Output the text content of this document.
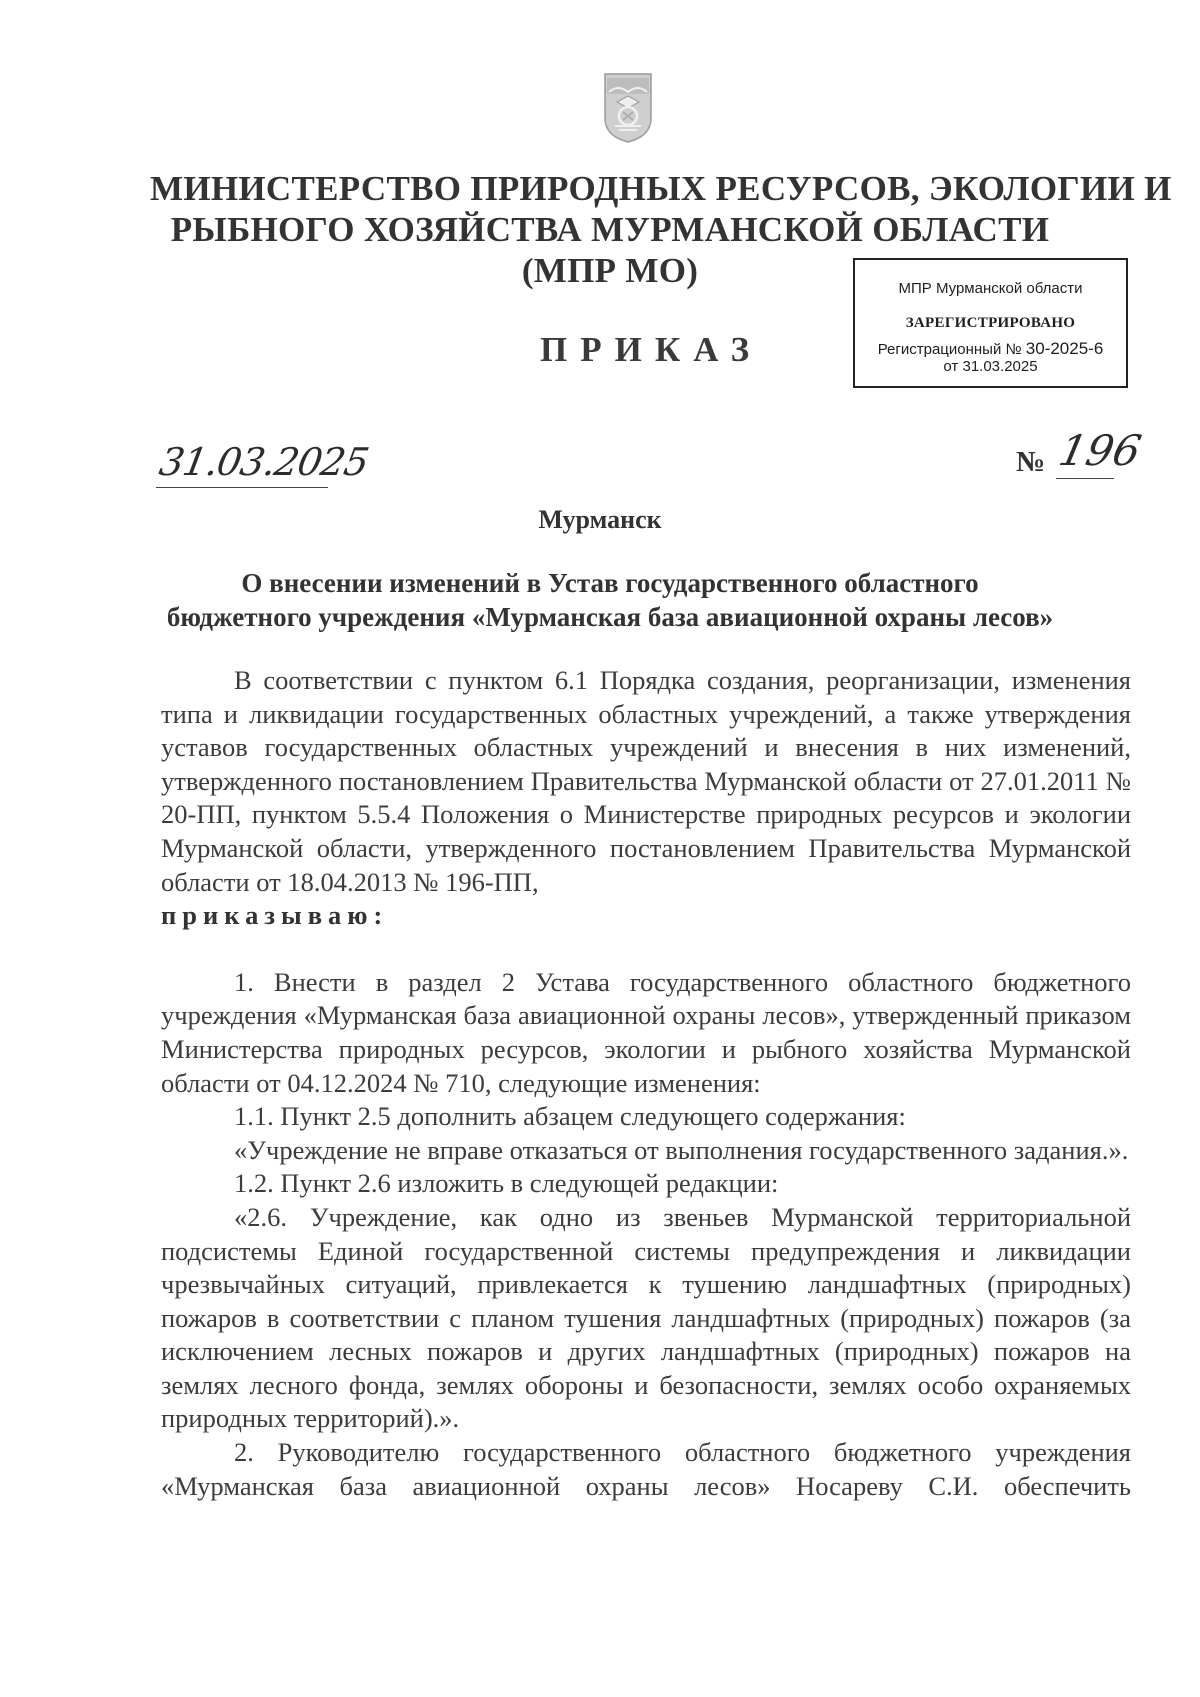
МИНИСТЕРСТВО ПРИРОДНЫХ РЕСУРСОВ, ЭКОЛОГИИ И
РЫБНОГО ХОЗЯЙСТВА МУРМАНСКОЙ ОБЛАСТИ
(МПР МО)
ПРИКАЗ
МПР Мурманской области
ЗАРЕГИСТРИРОВАНО
Регистрационный № 30-2025-6
от 31.03.2025
31.03.2025	№ 196
Мурманск
О внесении изменений в Устав государственного областного
бюджетного учреждения «Мурманская база авиационной охраны лесов»

В соответствии с пунктом 6.1 Порядка создания, реорганизации, изменения типа и ликвидации государственных областных учреждений, а также утверждения уставов государственных областных учреждений и внесения в них изменений, утвержденного постановлением Правительства Мурманской области от 27.01.2011 № 20-ПП, пунктом 5.5.4 Положения о Министерстве природных ресурсов и экологии Мурманской области, утвержденного постановлением Правительства Мурманской области от 18.04.2013 № 196-ПП,

приказываю:

1. Внести в раздел 2 Устава государственного областного бюджетного учреждения «Мурманская база авиационной охраны лесов», утвержденный приказом Министерства природных ресурсов, экологии и рыбного хозяйства Мурманской области от 04.12.2024 № 710, следующие изменения:

1.1. Пункт 2.5 дополнить абзацем следующего содержания:

«Учреждение не вправе отказаться от выполнения государственного задания.».

1.2. Пункт 2.6 изложить в следующей редакции:

«2.6. Учреждение, как одно из звеньев Мурманской территориальной подсистемы Единой государственной системы предупреждения и ликвидации чрезвычайных ситуаций, привлекается к тушению ландшафтных (природных) пожаров в соответствии с планом тушения ландшафтных (природных) пожаров (за исключением лесных пожаров и других ландшафтных (природных) пожаров на землях лесного фонда, землях обороны и безопасности, землях особо охраняемых природных территорий).».

2. Руководителю государственного областного бюджетного учреждения «Мурманская база авиационной охраны лесов» Носареву С.И. обеспечить
